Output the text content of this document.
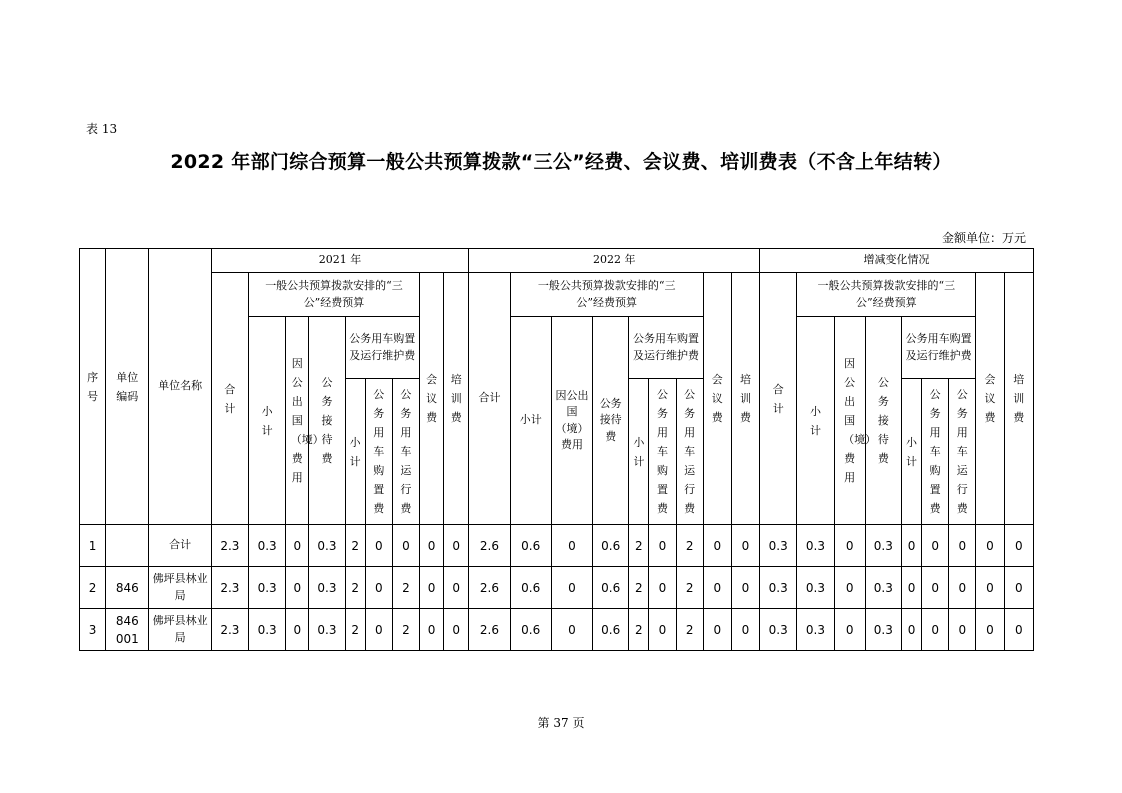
表 13
2022 年部门综合预算一般公共预算拨款“三公”经费、会议费、培训费表（不含上年结转）
金额单位：万元
序号	单位编码	单位名称	2021 年									2022 年									增减变化情况								
			合计	一般公共预算拨款安排的“三公”经费预算						会议费	培训费	合计	一般公共预算拨款安排的“三公”经费预算						会议费	培训费	合计	一般公共预算拨款安排的“三公”经费预算						会议费	培训费
				小计	因公出国（境）费用	公务接待费	公务用车购置及运行维护费						小计	因公出国（境）费用	公务接待费	公务用车购置及运行维护费						小计	因公出国（境）费用	公务接待费	公务用车购置及运行维护费				

							小计	公务用车购置费	公务用车运行费							小计	公务用车购置费	公务用车运行费							小计	公务用车购置费	公务用车运行费		

1		合计	2.3	0.3	0	0.3	2	0	0	0	0	2.6	0.6	0	0.6	2	0	2	0	0	0.3	0.3	0	0.3	0	0	0	0	0
2	846	佛坪县林业局	2.3	0.3	0	0.3	2	0	2	0	0	2.6	0.6	0	0.6	2	0	2	0	0	0.3	0.3	0	0.3	0	0	0	0	0
3	846001	佛坪县林业局	2.3	0.3	0	0.3	2	0	2	0	0	2.6	0.6	0	0.6	2	0	2	0	0	0.3	0.3	0	0.3	0	0	0	0	0
第 37 页
